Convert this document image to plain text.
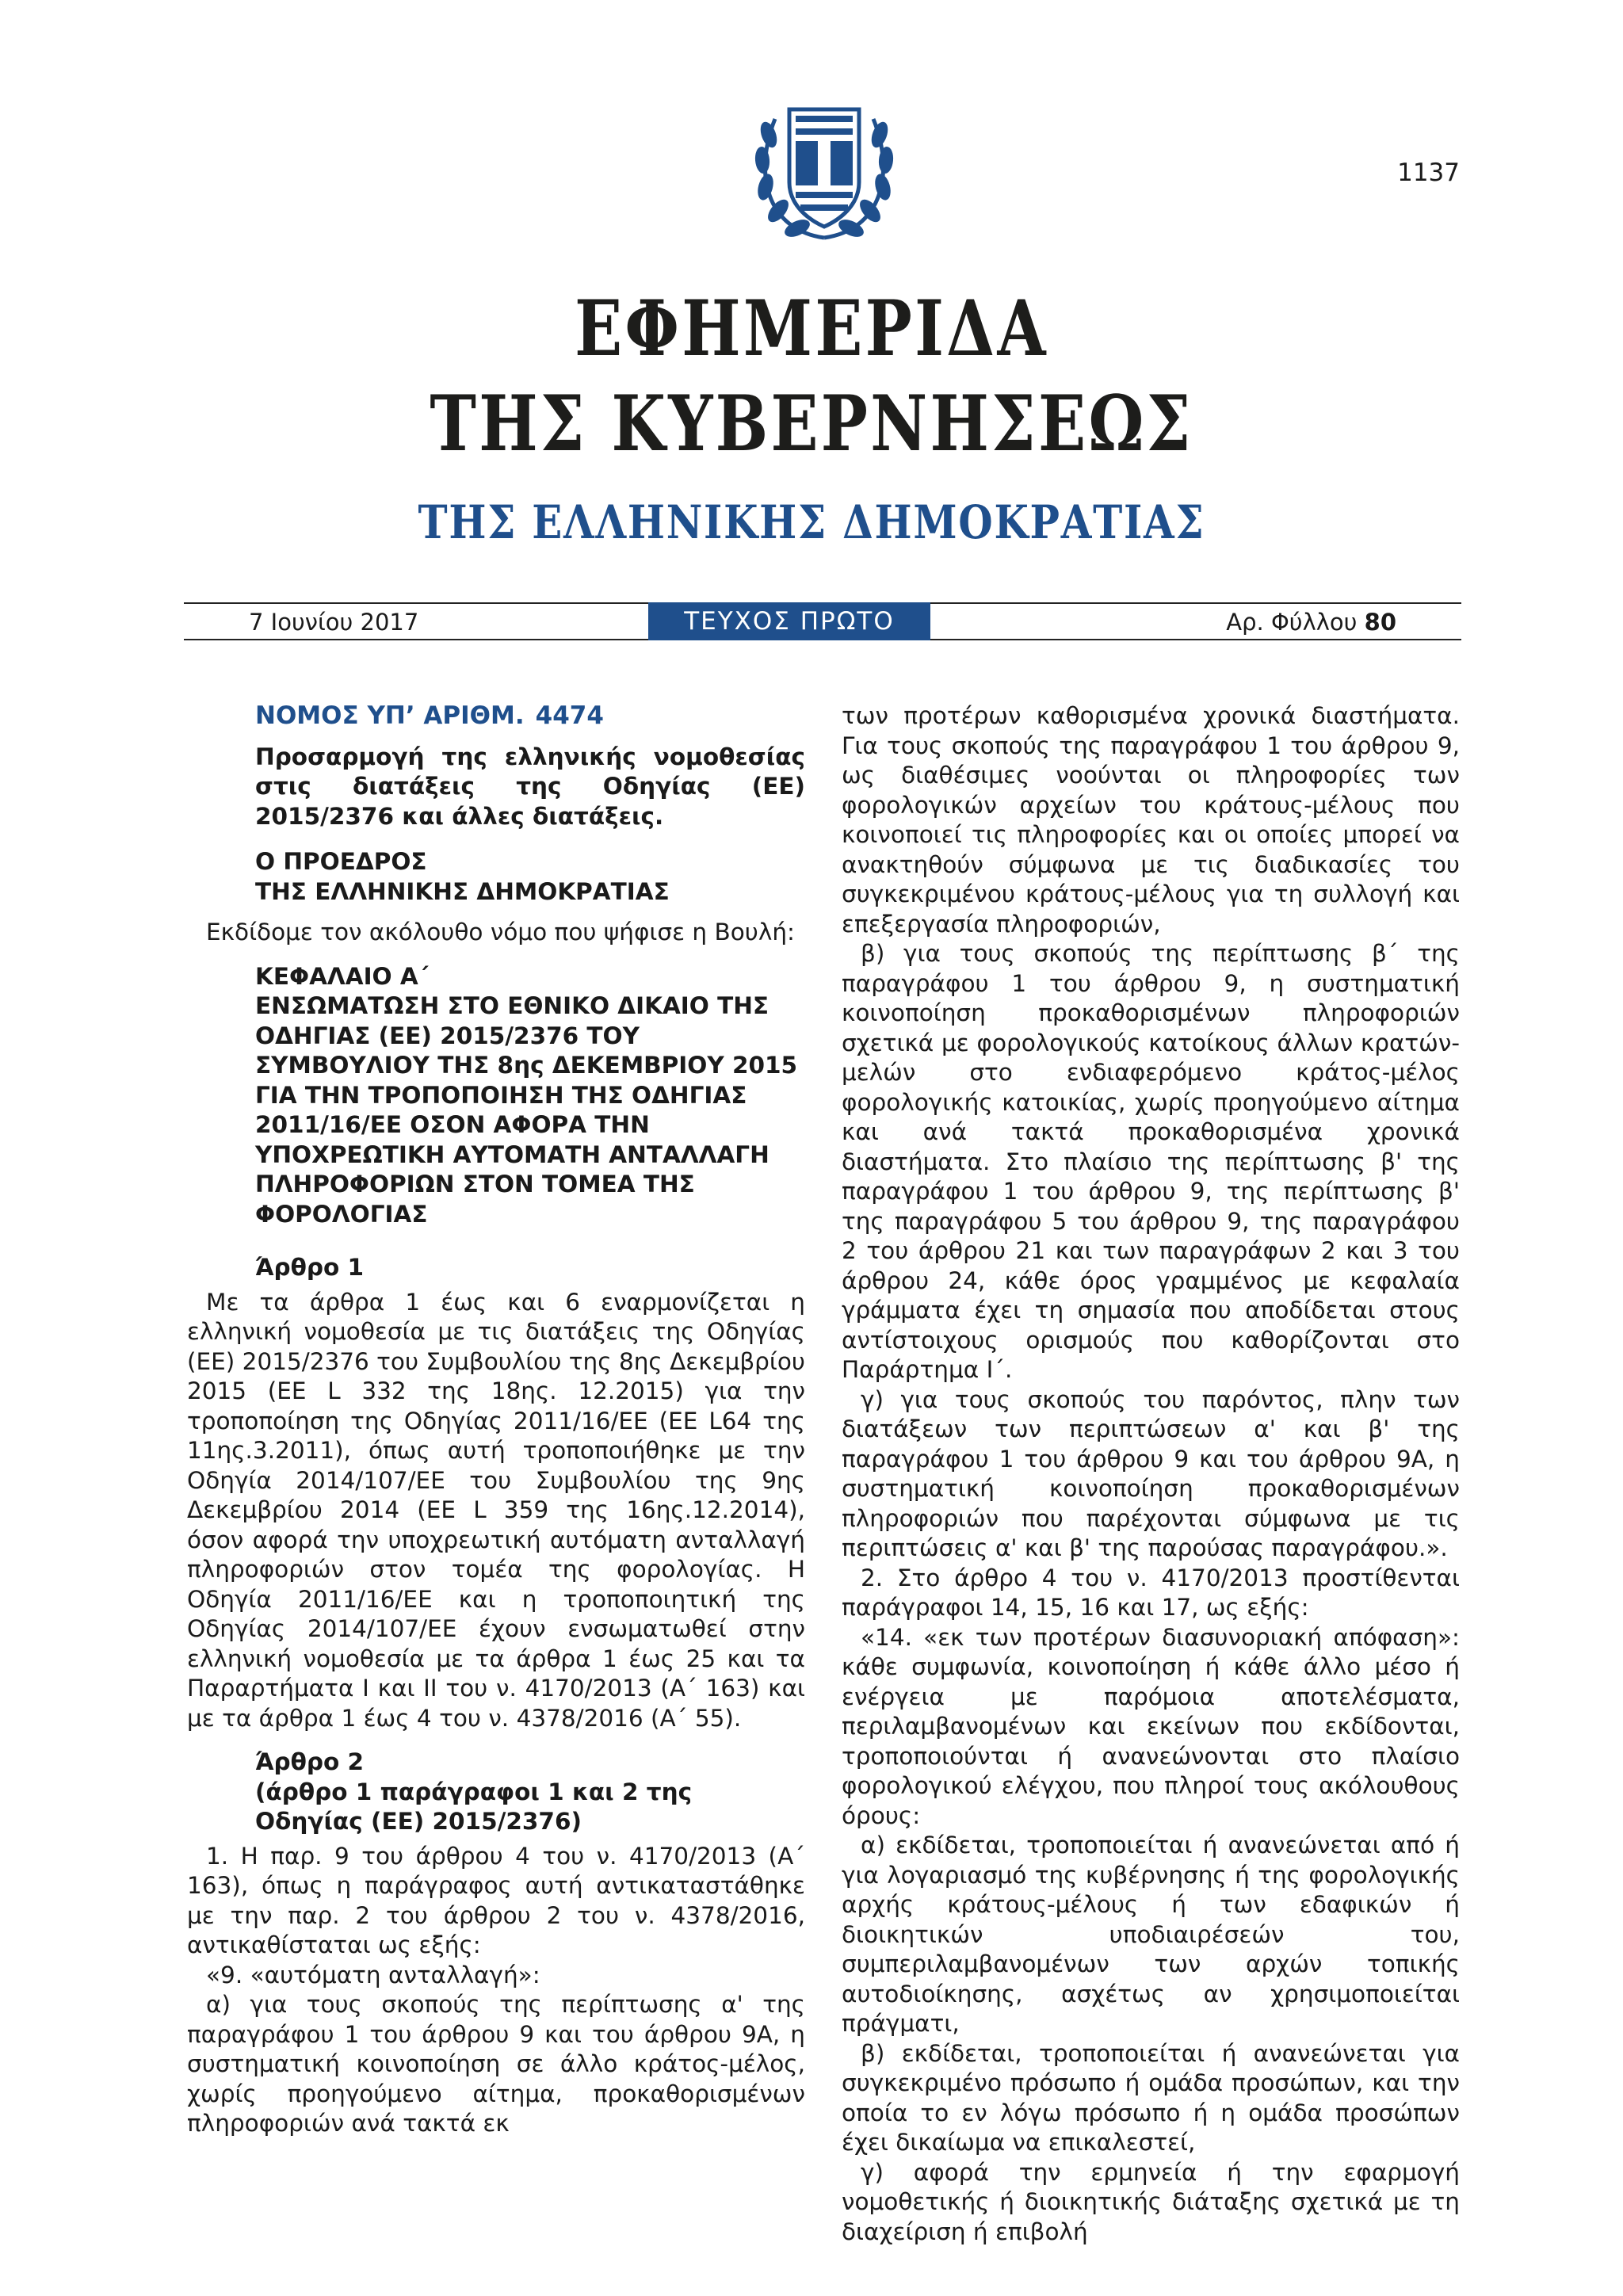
1137
ΕΦΗΜΕΡΙΔΑ
ΤΗΣ ΚΥΒΕΡΝΗΣΕΩΣ
ΤΗΣ ΕΛΛΗΝΙΚΗΣ ΔΗΜΟΚΡΑΤΙΑΣ
7 Ιουνίου 2017	ΤΕΥΧΟΣ ΠΡΩΤΟ	Αρ. Φύλλου 80

ΝΟΜΟΣ ΥΠ’ ΑΡΙΘΜ. 4474

Προσαρμογή της ελληνικής νομοθεσίας στις διατάξεις της Οδηγίας (ΕΕ) 2015/2376 και άλλες διατάξεις.

Ο ΠΡΟΕΔΡΟΣ
ΤΗΣ ΕΛΛΗΝΙΚΗΣ ΔΗΜΟΚΡΑΤΙΑΣ

Εκδίδομε τον ακόλουθο νόμο που ψήφισε η Βουλή:

ΚΕΦΑΛΑΙΟ Α΄
ΕΝΣΩΜΑΤΩΣΗ ΣΤΟ ΕΘΝΙΚΟ ΔΙΚΑΙΟ ΤΗΣ ΟΔΗΓΙΑΣ (ΕΕ) 2015/2376 ΤΟΥ ΣΥΜΒΟΥΛΙΟΥ ΤΗΣ 8ης ΔΕΚΕΜΒΡΙΟΥ 2015 ΓΙΑ ΤΗΝ ΤΡΟΠΟΠΟΙΗΣΗ ΤΗΣ ΟΔΗΓΙΑΣ 2011/16/ΕΕ ΟΣΟΝ ΑΦΟΡΑ ΤΗΝ ΥΠΟΧΡΕΩΤΙΚΗ ΑΥΤΟΜΑΤΗ ΑΝΤΑΛΛΑΓΗ ΠΛΗΡΟΦΟΡΙΩΝ ΣΤΟΝ ΤΟΜΕΑ ΤΗΣ ΦΟΡΟΛΟΓΙΑΣ

Άρθρο 1

Με τα άρθρα 1 έως και 6 εναρμονίζεται η ελληνική νομοθεσία με τις διατάξεις της Οδηγίας (ΕΕ) 2015/2376 του Συμβουλίου της 8ης Δεκεμβρίου 2015 (ΕΕ L 332 της 18ης. 12.2015) για την τροποποίηση της Οδηγίας 2011/16/ΕΕ (ΕΕ L64 της 11ης.3.2011), όπως αυτή τροποποιήθηκε με την Οδηγία 2014/107/ΕΕ του Συμβουλίου της 9ης Δεκεμβρίου 2014 (ΕΕ L 359 της 16ης.12.2014), όσον αφορά την υποχρεωτική αυτόματη ανταλλαγή πληροφοριών στον τομέα της φορολογίας. Η Οδηγία 2011/16/ΕΕ και η τροποποιητική της Οδηγίας 2014/107/ΕΕ έχουν ενσωματωθεί στην ελληνική νομοθεσία με τα άρθρα 1 έως 25 και τα Παραρτήματα Ι και ΙΙ του ν. 4170/2013 (Α΄ 163) και με τα άρθρα 1 έως 4 του ν. 4378/2016 (Α΄ 55).

Άρθρο 2

(άρθρο 1 παράγραφοι 1 και 2 της Οδηγίας (ΕΕ) 2015/2376)

1. Η παρ. 9 του άρθρου 4 του ν. 4170/2013 (Α΄ 163), όπως η παράγραφος αυτή αντικαταστάθηκε με την παρ. 2 του άρθρου 2 του ν. 4378/2016, αντικαθίσταται ως εξής:

«9. «αυτόματη ανταλλαγή»:

α) για τους σκοπούς της περίπτωσης α' της παραγράφου 1 του άρθρου 9 και του άρθρου 9Α, η συστηματική κοινοποίηση σε άλλο κράτος-μέλος, χωρίς προηγούμενο αίτημα, προκαθορισμένων πληροφοριών ανά τακτά εκ

των προτέρων καθορισμένα χρονικά διαστήματα. Για τους σκοπούς της παραγράφου 1 του άρθρου 9, ως διαθέσιμες νοούνται οι πληροφορίες των φορολογικών αρχείων του κράτους-μέλους που κοινοποιεί τις πληροφορίες και οι οποίες μπορεί να ανακτηθούν σύμφωνα με τις διαδικασίες του συγκεκριμένου κράτους-μέλους για τη συλλογή και επεξεργασία πληροφοριών,

β) για τους σκοπούς της περίπτωσης β΄ της παραγράφου 1 του άρθρου 9, η συστηματική κοινοποίηση προκαθορισμένων πληροφοριών σχετικά με φορολογικούς κατοίκους άλλων κρατών-μελών στο ενδιαφερόμενο κράτος-μέλος φορολογικής κατοικίας, χωρίς προηγούμενο αίτημα και ανά τακτά προκαθορισμένα χρονικά διαστήματα. Στο πλαίσιο της περίπτωσης β' της παραγράφου 1 του άρθρου 9, της περίπτωσης β' της παραγράφου 5 του άρθρου 9, της παραγράφου 2 του άρθρου 21 και των παραγράφων 2 και 3 του άρθρου 24, κάθε όρος γραμμένος με κεφαλαία γράμματα έχει τη σημασία που αποδίδεται στους αντίστοιχους ορισμούς που καθορίζονται στο Παράρτημα Ι΄.

γ) για τους σκοπούς του παρόντος, πλην των διατάξεων των περιπτώσεων α' και β' της παραγράφου 1 του άρθρου 9 και του άρθρου 9Α, η συστηματική κοινοποίηση προκαθορισμένων πληροφοριών που παρέχονται σύμφωνα με τις περιπτώσεις α' και β' της παρούσας παραγράφου.».

2. Στο άρθρο 4 του ν. 4170/2013 προστίθενται παράγραφοι 14, 15, 16 και 17, ως εξής:

«14. «εκ των προτέρων διασυνοριακή απόφαση»: κάθε συμφωνία, κοινοποίηση ή κάθε άλλο μέσο ή ενέργεια με παρόμοια αποτελέσματα, περιλαμβανομένων και εκείνων που εκδίδονται, τροποποιούνται ή ανανεώνονται στο πλαίσιο φορολογικού ελέγχου, που πληροί τους ακόλουθους όρους:

α) εκδίδεται, τροποποιείται ή ανανεώνεται από ή για λογαριασμό της κυβέρνησης ή της φορολογικής αρχής κράτους-μέλους ή των εδαφικών ή διοικητικών υποδιαιρέσεών του, συμπεριλαμβανομένων των αρχών τοπικής αυτοδιοίκησης, ασχέτως αν χρησιμοποιείται πράγματι,

β) εκδίδεται, τροποποιείται ή ανανεώνεται για συγκεκριμένο πρόσωπο ή ομάδα προσώπων, και την οποία το εν λόγω πρόσωπο ή η ομάδα προσώπων έχει δικαίωμα να επικαλεστεί,

γ) αφορά την ερμηνεία ή την εφαρμογή νομοθετικής ή διοικητικής διάταξης σχετικά με τη διαχείριση ή επιβολή
